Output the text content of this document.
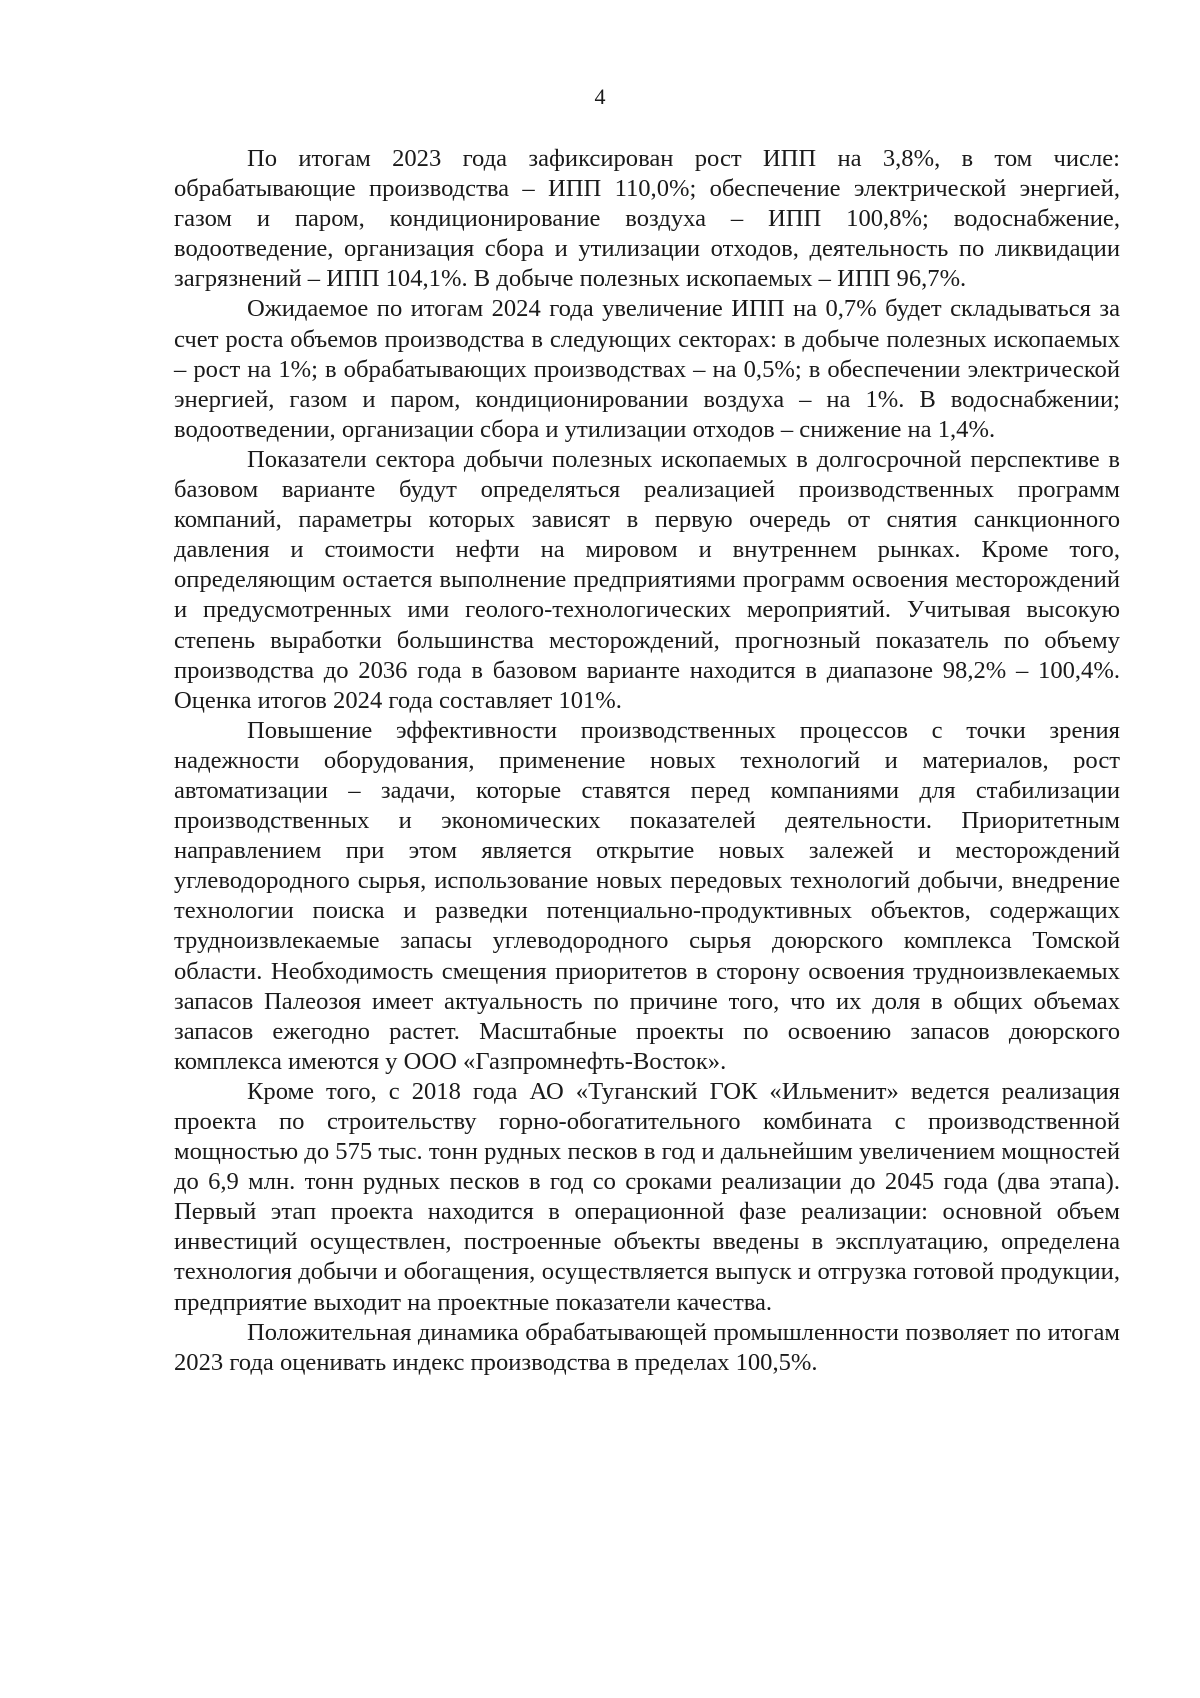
4

По итогам 2023 года зафиксирован рост ИПП на 3,8%, в том числе: обрабатывающие производства – ИПП 110,0%; обеспечение электрической энергией, газом и паром, кондиционирование воздуха – ИПП 100,8%; водоснабжение, водоотведение, организация сбора и утилизации отходов, деятельность по ликвидации загрязнений – ИПП 104,1%. В добыче полезных ископаемых – ИПП 96,7%.

Ожидаемое по итогам 2024 года увеличение ИПП на 0,7% будет складываться за счет роста объемов производства в следующих секторах: в добыче полезных ископаемых – рост на 1%; в обрабатывающих производствах – на 0,5%; в обеспечении электрической энергией, газом и паром, кондиционировании воздуха – на 1%. В водоснабжении; водоотведении, организации сбора и утилизации отходов – снижение на 1,4%.

Показатели сектора добычи полезных ископаемых в долгосрочной перспективе в базовом варианте будут определяться реализацией производственных программ компаний, параметры которых зависят в первую очередь от снятия санкционного давления и стоимости нефти на мировом и внутреннем рынках. Кроме того, определяющим остается выполнение предприятиями программ освоения месторождений и предусмотренных ими геолого-технологических мероприятий. Учитывая высокую степень выработки большинства месторождений, прогнозный показатель по объему производства до 2036 года в базовом варианте находится в диапазоне 98,2% – 100,4%. Оценка итогов 2024 года составляет 101%.

Повышение эффективности производственных процессов с точки зрения надежности оборудования, применение новых технологий и материалов, рост автоматизации – задачи, которые ставятся перед компаниями для стабилизации производственных и экономических показателей деятельности. Приоритетным направлением при этом является открытие новых залежей и месторождений углеводородного сырья, использование новых передовых технологий добычи, внедрение технологии поиска и разведки потенциально-продуктивных объектов, содержащих трудноизвлекаемые запасы углеводородного сырья доюрского комплекса Томской области. Необходимость смещения приоритетов в сторону освоения трудноизвлекаемых запасов Палеозоя имеет актуальность по причине того, что их доля в общих объемах запасов ежегодно растет. Масштабные проекты по освоению запасов доюрского комплекса имеются у ООО «Газпромнефть-Восток».

Кроме того, с 2018 года АО «Туганский ГОК «Ильменит» ведется реализация проекта по строительству горно-обогатительного комбината с производственной мощностью до 575 тыс. тонн рудных песков в год и дальнейшим увеличением мощностей до 6,9 млн. тонн рудных песков в год со сроками реализации до 2045 года (два этапа). Первый этап проекта находится в операционной фазе реализации: основной объем инвестиций осуществлен, построенные объекты введены в эксплуатацию, определена технология добычи и обогащения, осуществляется выпуск и отгрузка готовой продукции, предприятие выходит на проектные показатели качества.

Положительная динамика обрабатывающей промышленности позволяет по итогам 2023 года оценивать индекс производства в пределах 100,5%.
